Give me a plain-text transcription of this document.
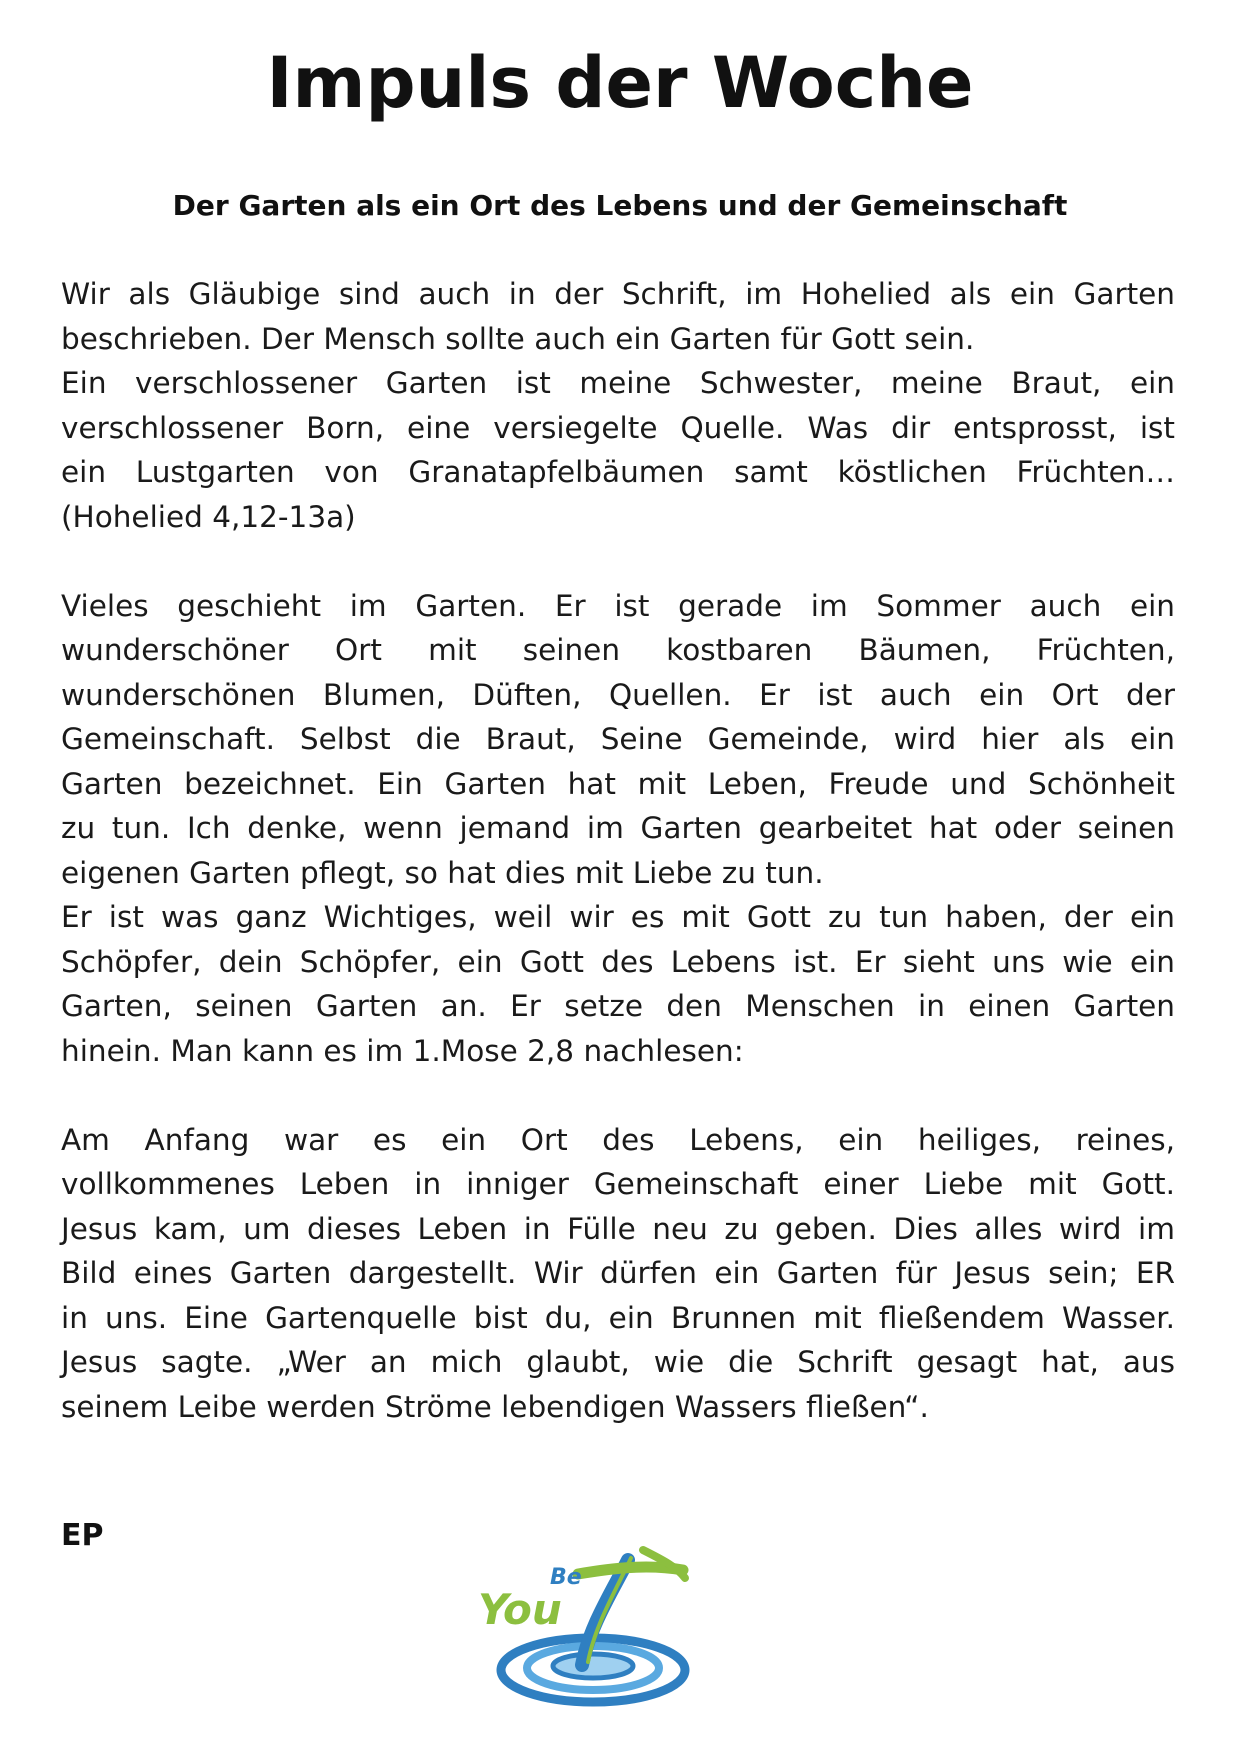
Impuls der Woche
Der Garten als ein Ort des Lebens und der Gemeinschaft
Wir als Gläubige sind auch in der Schrift, im Hohelied als ein Garten
beschrieben. Der Mensch sollte auch ein Garten für Gott sein.
Ein verschlossener Garten ist meine Schwester, meine Braut, ein
verschlossener Born, eine versiegelte Quelle. Was dir entsprosst, ist
ein Lustgarten von Granatapfelbäumen samt köstlichen Früchten…
(Hohelied 4,12-13a)
Vieles geschieht im Garten. Er ist gerade im Sommer auch ein
wunderschöner Ort mit seinen kostbaren Bäumen, Früchten,
wunderschönen Blumen, Düften, Quellen. Er ist auch ein Ort der
Gemeinschaft. Selbst die Braut, Seine Gemeinde, wird hier als ein
Garten bezeichnet. Ein Garten hat mit Leben, Freude und Schönheit
zu tun. Ich denke, wenn jemand im Garten gearbeitet hat oder seinen
eigenen Garten pflegt, so hat dies mit Liebe zu tun.
Er ist was ganz Wichtiges, weil wir es mit Gott zu tun haben, der ein
Schöpfer, dein Schöpfer, ein Gott des Lebens ist. Er sieht uns wie ein
Garten, seinen Garten an. Er setze den Menschen in einen Garten
hinein. Man kann es im 1.Mose 2,8 nachlesen:
Am Anfang war es ein Ort des Lebens, ein heiliges, reines,
vollkommenes Leben in inniger Gemeinschaft einer Liebe mit Gott.
Jesus kam, um dieses Leben in Fülle neu zu geben. Dies alles wird im
Bild eines Garten dargestellt. Wir dürfen ein Garten für Jesus sein; ER
in uns. Eine Gartenquelle bist du, ein Brunnen mit fließendem Wasser.
Jesus sagte. „Wer an mich glaubt, wie die Schrift gesagt hat, aus
seinem Leibe werden Ströme lebendigen Wassers fließen“.

EP

Be
You
